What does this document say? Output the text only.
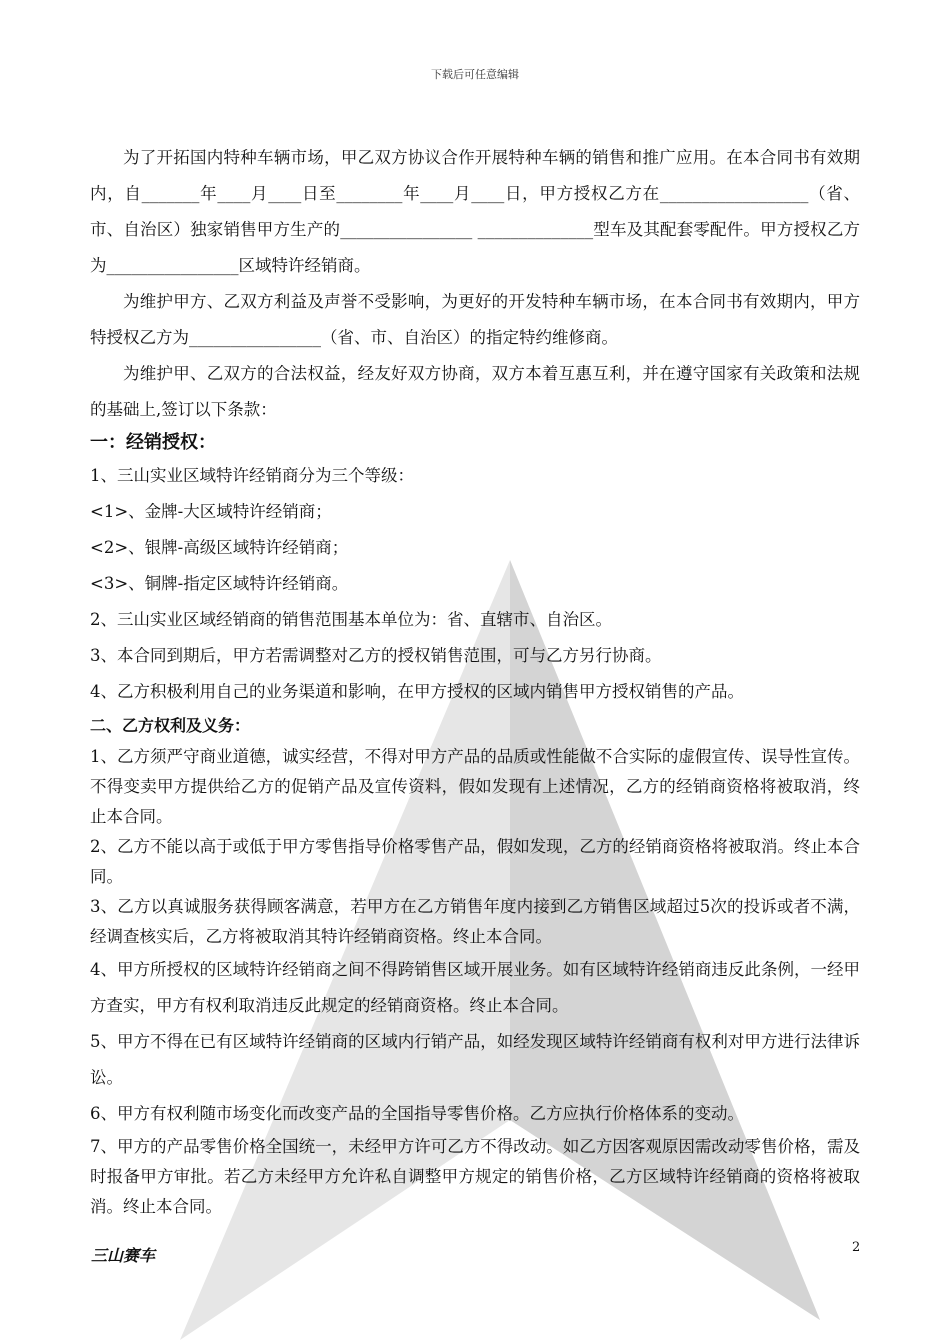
下载后可任意编辑

为了开拓国内特种车辆市场，甲乙双方协议合作开展特种车辆的销售和推广应用。在本合同书有效期内，自_______年____月____日至________年____月____日，甲方授权乙方在__________________（省、市、自治区）独家销售甲方生产的________________ ______________型车及其配套零配件。甲方授权乙方为________________区域特许经销商。

为维护甲方、乙双方利益及声誉不受影响，为更好的开发特种车辆市场，在本合同书有效期内，甲方特授权乙方为________________（省、市、自治区）的指定特约维修商。

为维护甲、乙双方的合法权益，经友好双方协商，双方本着互惠互利，并在遵守国家有关政策和法规的基础上,签订以下条款：

一：经销授权：

1、三山实业区域特许经销商分为三个等级：

<1>、金牌-大区域特许经销商；

<2>、银牌-高级区域特许经销商；

<3>、铜牌-指定区域特许经销商。

2、三山实业区域经销商的销售范围基本单位为：省、直辖市、自治区。

3、本合同到期后，甲方若需调整对乙方的授权销售范围，可与乙方另行协商。

4、乙方积极利用自己的业务渠道和影响，在甲方授权的区域内销售甲方授权销售的产品。

二、乙方权利及义务：

1、乙方须严守商业道德，诚实经营，不得对甲方产品的品质或性能做不合实际的虚假宣传、误导性宣传。不得变卖甲方提供给乙方的促销产品及宣传资料，假如发现有上述情况，乙方的经销商资格将被取消，终止本合同。

2、乙方不能以高于或低于甲方零售指导价格零售产品，假如发现，乙方的经销商资格将被取消。终止本合同。

3、乙方以真诚服务获得顾客满意，若甲方在乙方销售年度内接到乙方销售区域超过5次的投诉或者不满，经调查核实后，乙方将被取消其特许经销商资格。终止本合同。

4、甲方所授权的区域特许经销商之间不得跨销售区域开展业务。如有区域特许经销商违反此条例，一经甲方查实，甲方有权利取消违反此规定的经销商资格。终止本合同。

5、甲方不得在已有区域特许经销商的区域内行销产品，如经发现区域特许经销商有权利对甲方进行法律诉讼。

6、甲方有权利随市场变化而改变产品的全国指导零售价格。乙方应执行价格体系的变动。

7、甲方的产品零售价格全国统一，未经甲方许可乙方不得改动。如乙方因客观原因需改动零售价格，需及时报备甲方审批。若乙方未经甲方允许私自调整甲方规定的销售价格，乙方区域特许经销商的资格将被取消。终止本合同。

三山赛车	2
